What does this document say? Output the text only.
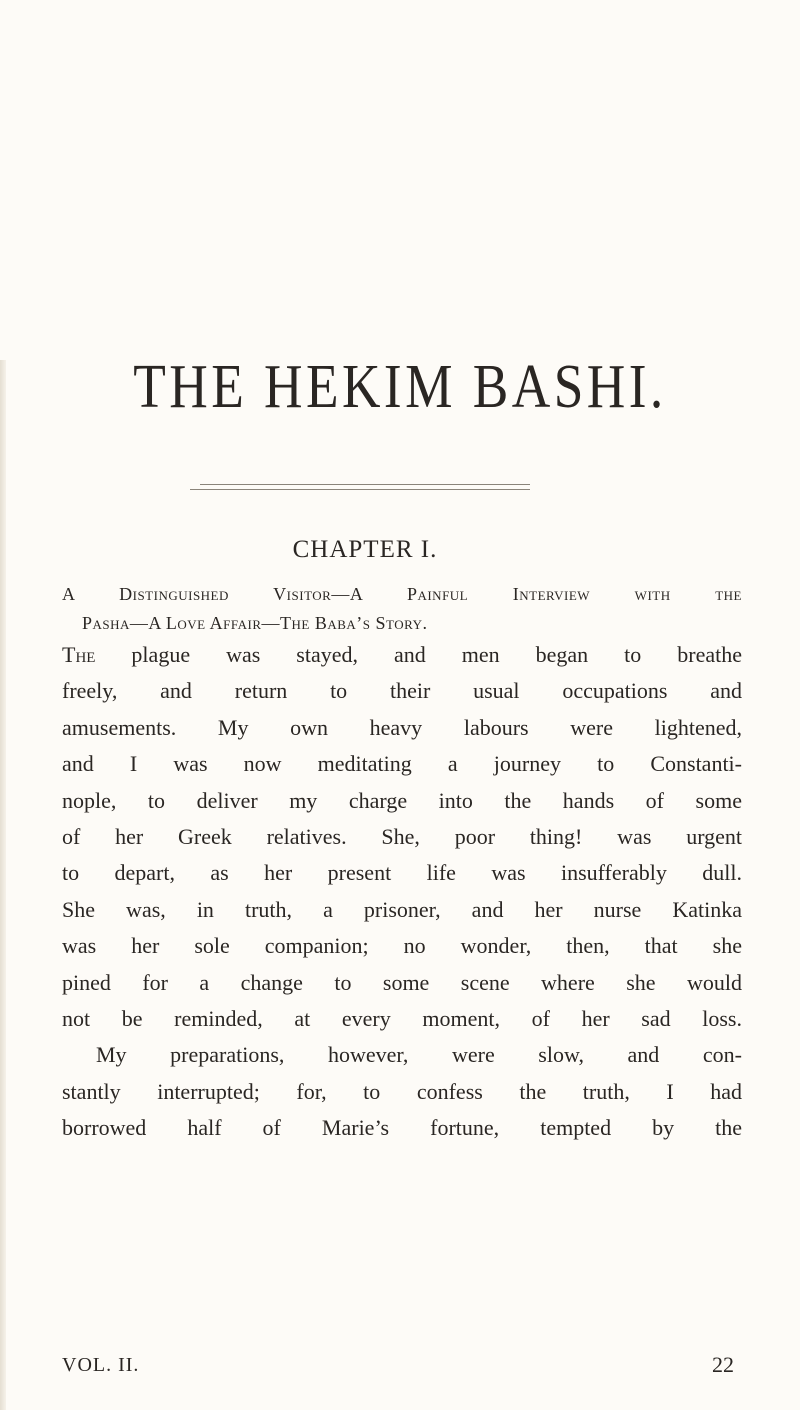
THE HEKIM BASHI.
CHAPTER I.
A Distinguished Visitor—A Painful Interview with the
Pasha—A Love Affair—The Baba’s Story.

The plague was stayed, and men began to breathe

freely, and return to their usual occupations and

amusements. My own heavy labours were lightened,

and I was now meditating a journey to Constanti-

nople, to deliver my charge into the hands of some

of her Greek relatives. She, poor thing! was urgent

to depart, as her present life was insufferably dull.

She was, in truth, a prisoner, and her nurse Katinka

was her sole companion; no wonder, then, that she

pined for a change to some scene where she would

not be reminded, at every moment, of her sad loss.

My preparations, however, were slow, and con-

stantly interrupted; for, to confess the truth, I had

borrowed half of Marie’s fortune, tempted by the

VOL. II.	22
